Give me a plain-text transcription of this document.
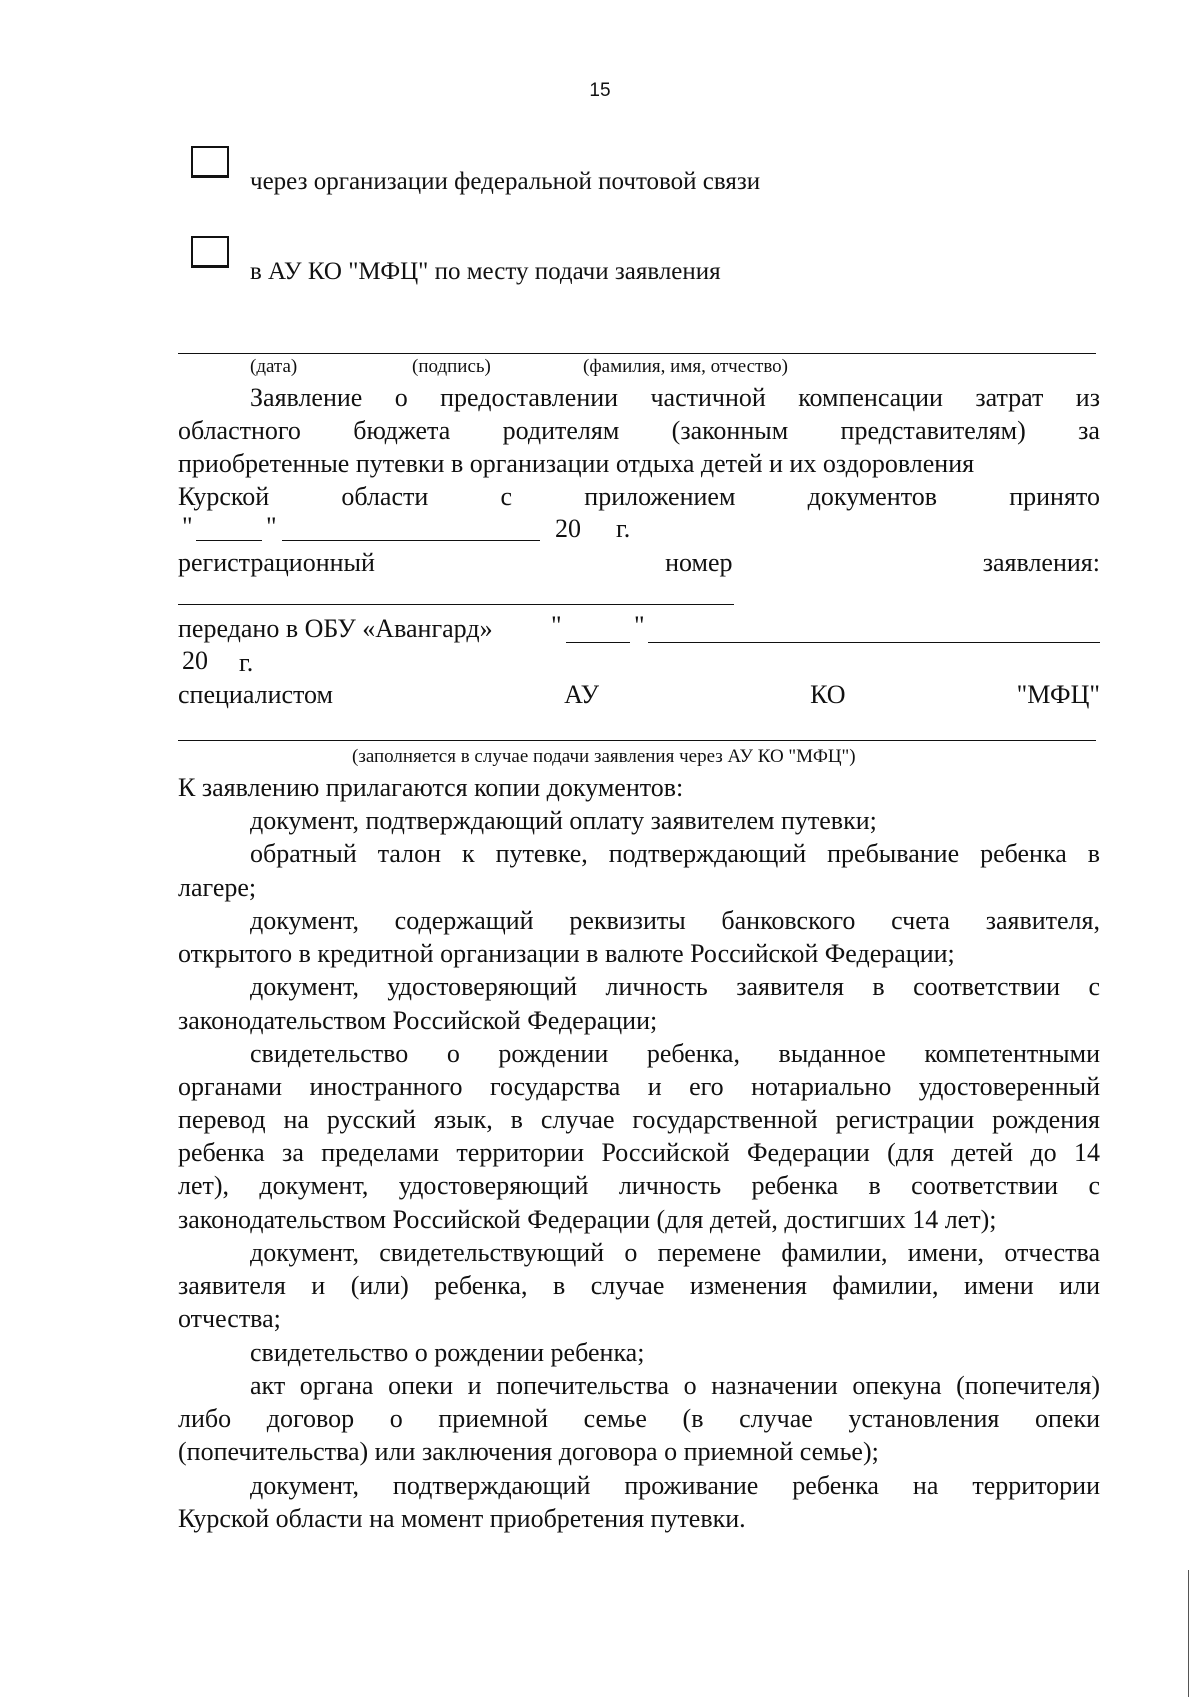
15
через организации федеральной почтовой связи
в АУ КО "МФЦ" по месту подачи заявления
(дата)	(подпись)	(фамилия, имя, отчество)
Заявление о предоставлении частичной компенсации затрат из
областного бюджета родителям (законным представителям) за
приобретенные путевки в организации отдыха детей и их оздоровления
Курской	области	с	приложением	документов	принято
"	"	20 г.
регистрационный	номер	заявления:
передано в ОБУ «Авангард» "	"
20 г.
специалистом	АУ	КО	"МФЦ"
(заполняется в случае подачи заявления через АУ КО "МФЦ")
К заявлению прилагаются копии документов:
документ, подтверждающий оплату заявителем путевки;
обратный талон к путевке, подтверждающий пребывание ребенка в
лагере;
документ, содержащий реквизиты банковского счета заявителя,
открытого в кредитной организации в валюте Российской Федерации;
документ, удостоверяющий личность заявителя в соответствии с
законодательством Российской Федерации;
свидетельство о рождении ребенка, выданное компетентными
органами иностранного государства и его нотариально удостоверенный
перевод на русский язык, в случае государственной регистрации рождения
ребенка за пределами территории Российской Федерации (для детей до 14
лет), документ, удостоверяющий личность ребенка в соответствии с
законодательством Российской Федерации (для детей, достигших 14 лет);
документ, свидетельствующий о перемене фамилии, имени, отчества
заявителя и (или) ребенка, в случае изменения фамилии, имени или
отчества;
свидетельство о рождении ребенка;
акт органа опеки и попечительства о назначении опекуна (попечителя)
либо договор о приемной семье (в случае установления опеки
(попечительства) или заключения договора о приемной семье);
документ, подтверждающий проживание ребенка на территории
Курской области на момент приобретения путевки.
